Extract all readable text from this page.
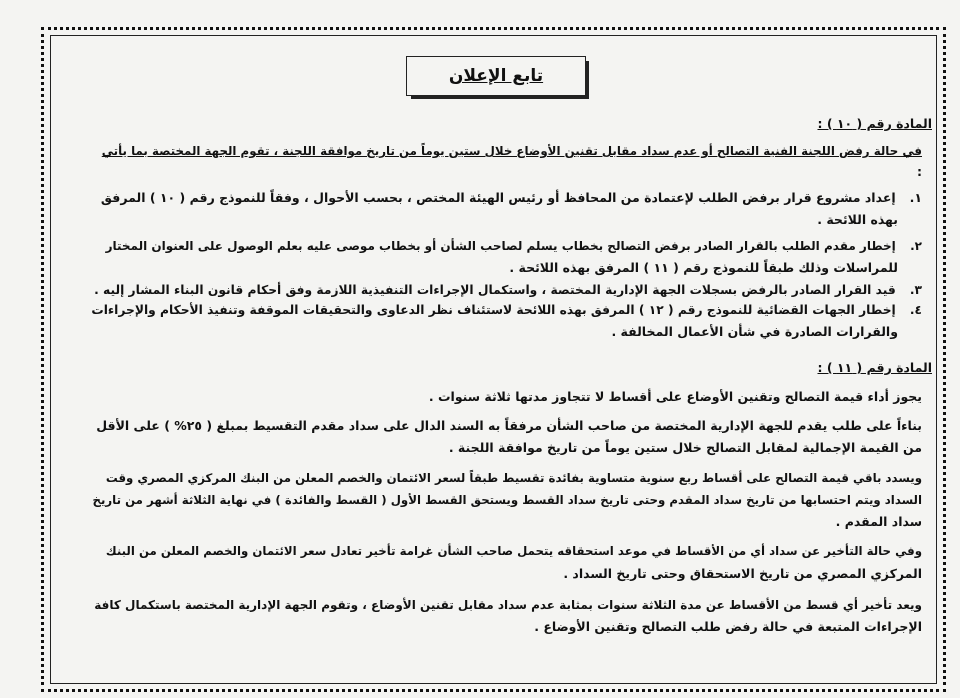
تابع الإعلان
المادة رقم ( ١٠ ) :
في حالة رفض اللجنة الفنية التصالح أو عدم سداد مقابل تقنين الأوضاع خلال ستين يوماً من تاريخ موافقة اللجنة ، تقوم الجهة المختصة بما يأتي
:
١. إعداد مشروع قرار برفض الطلب لإعتمادة من المحافظ أو رئيس الهيئة المختص ، بحسب الأحوال ، وفقاً للنموذج رقم ( ١٠ ) المرفق
بهذه اللائحة .
٢. إخطار مقدم الطلب بالقرار الصادر برفض التصالح بخطاب يسلم لصاحب الشأن أو بخطاب موصى عليه بعلم الوصول على العنوان المختار
للمراسلات وذلك طبقاً للنموذج رقم ( ١١ ) المرفق بهذه اللائحة .
٣. قيد القرار الصادر بالرفض بسجلات الجهة الإدارية المختصة ، واستكمال الإجراءات التنفيذية اللازمة وفق أحكام قانون البناء المشار إليه .
٤. إخطار الجهات القضائية للنموذج رقم ( ١٢ ) المرفق بهذه اللائحة لاستئناف نظر الدعاوى والتحقيقات الموقفة وتنفيذ الأحكام والإجراءات
والقرارات الصادرة في شأن الأعمال المخالفة .
المادة رقم ( ١١ ) :
يجوز أداء قيمة التصالح وتقنين الأوضاع على أقساط لا تتجاوز مدتها ثلاثة سنوات .
بناءاً على طلب يقدم للجهة الإدارية المختصة من صاحب الشأن مرفقاً به السند الدال على سداد مقدم التقسيط بمبلغ ( ٢٥% ) على الأقل
من القيمة الإجمالية لمقابل التصالح خلال ستين يوماً من تاريخ موافقة اللجنة .
ويسدد باقي قيمة التصالح على أقساط ربع سنوية متساوية بفائدة تقسيط طبقاً لسعر الائتمان والخصم المعلن من البنك المركزي المصري وقت
السداد ويتم احتسابها من تاريخ سداد المقدم وحتى تاريخ سداد القسط ويستحق القسط الأول ( القسط والفائدة ) في نهاية الثلاثة أشهر من تاريخ
سداد المقدم .
وفي حالة التأخير عن سداد أي من الأقساط في موعد استحقاقه يتحمل صاحب الشأن غرامة تأخير تعادل سعر الائتمان والخصم المعلن من البنك
المركزي المصري من تاريخ الاستحقاق وحتى تاريخ السداد .
ويعد تأخير أي قسط من الأقساط عن مدة الثلاثة سنوات بمثابة عدم سداد مقابل تقنين الأوضاع ، وتقوم الجهة الإدارية المختصة باستكمال كافة
الإجراءات المتبعة في حالة رفض طلب التصالح وتقنين الأوضاع .
